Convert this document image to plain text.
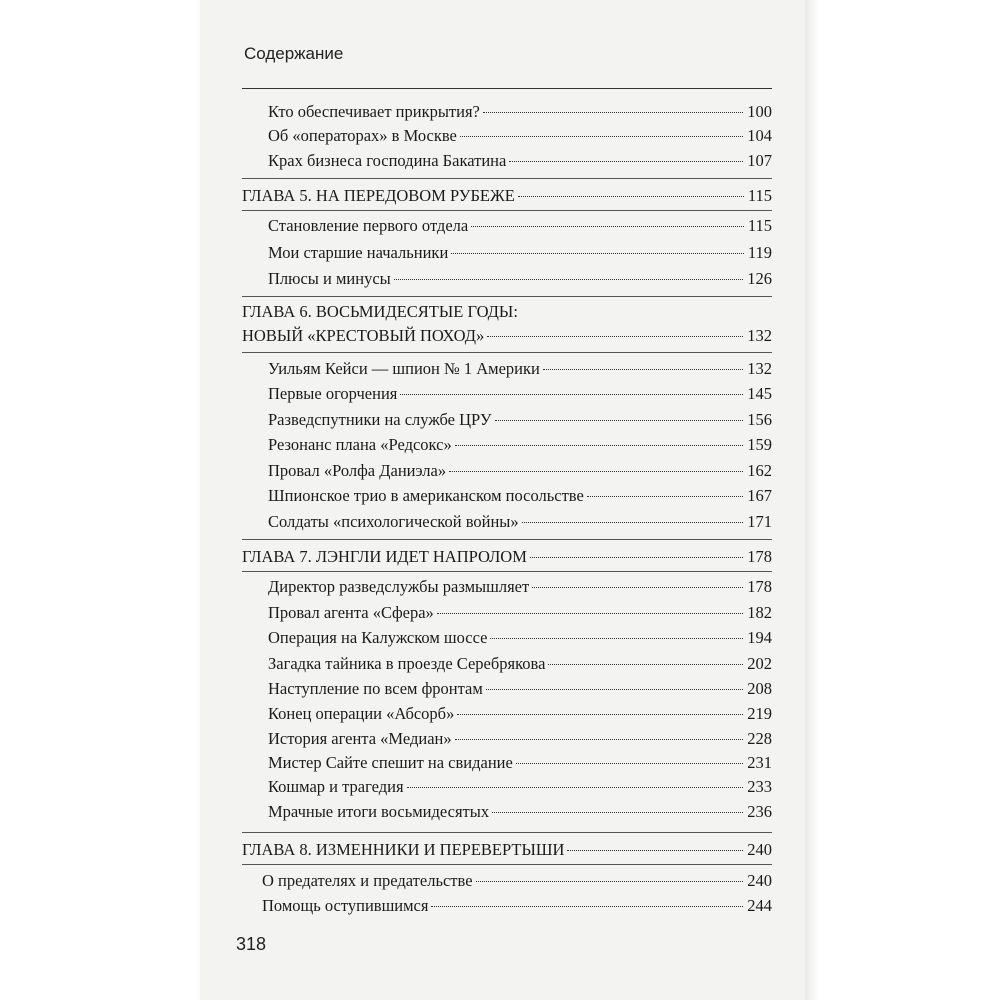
Содержание
Кто обеспечивает прикрытия?	100
Об «операторах» в Москве	104
Крах бизнеса господина Бакатина	107
ГЛАВА 5. НА ПЕРЕДОВОМ РУБЕЖЕ	115
Становление первого отдела	115
Мои старшие начальники	119
Плюсы и минусы	126
ГЛАВА 6. ВОСЬМИДЕСЯТЫЕ ГОДЫ:
НОВЫЙ «КРЕСТОВЫЙ ПОХОД»	132
Уильям Кейси — шпион № 1 Америки	132
Первые огорчения	145
Разведспутники на службе ЦРУ	156
Резонанс плана «Редсокс»	159
Провал «Ролфа Даниэла»	162
Шпионское трио в американском посольстве	167
Солдаты «психологической войны»	171
ГЛАВА 7. ЛЭНГЛИ ИДЕТ НАПРОЛОМ	178
Директор разведслужбы размышляет	178
Провал агента «Сфера»	182
Операция на Калужском шоссе	194
Загадка тайника в проезде Серебрякова	202
Наступление по всем фронтам	208
Конец операции «Абсорб»	219
История агента «Медиан»	228
Мистер Сайте спешит на свидание	231
Кошмар и трагедия	233
Мрачные итоги восьмидесятых	236
ГЛАВА 8. ИЗМЕННИКИ И ПЕРЕВЕРТЫШИ	240
О предателях и предательстве	240
Помощь оступившимся	244
318
